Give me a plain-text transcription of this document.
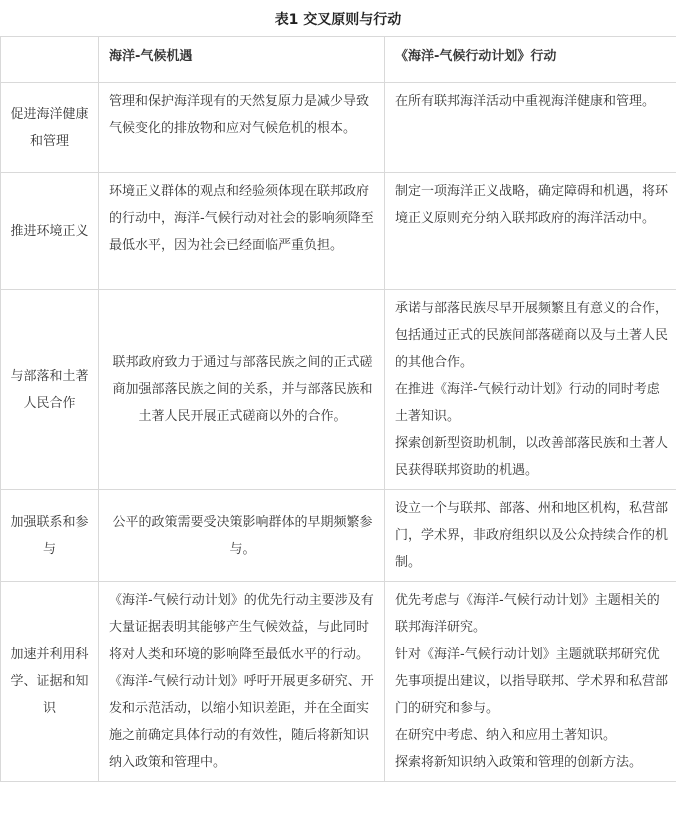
表1 交叉原则与行动
	海洋-气候机遇	《海洋-气候行动计划》行动
促进海洋健康和管理	管理和保护海洋现有的天然复原力是减少导致气候变化的排放物和应对气候危机的根本。	在所有联邦海洋活动中重视海洋健康和管理。

推进环境正义	环境正义群体的观点和经验须体现在联邦政府的行动中，海洋-气候行动对社会的影响须降至最低水平，因为社会已经面临严重负担。	制定一项海洋正义战略，确定障碍和机遇，将环境正义原则充分纳入联邦政府的海洋活动中。

与部落和土著人民合作	联邦政府致力于通过与部落民族之间的正式磋商加强部落民族之间的关系，并与部落民族和土著人民开展正式磋商以外的合作。	承诺与部落民族尽早开展频繁且有意义的合作，包括通过正式的民族间部落磋商以及与土著人民的其他合作。
在推进《海洋-气候行动计划》行动的同时考虑土著知识。
探索创新型资助机制，以改善部落民族和土著人民获得联邦资助的机遇。

加强联系和参与	公平的政策需要受决策影响群体的早期频繁参与。	设立一个与联邦、部落、州和地区机构，私营部门，学术界，非政府组织以及公众持续合作的机制。

加速并利用科学、证据和知识	《海洋-气候行动计划》的优先行动主要涉及有大量证据表明其能够产生气候效益，与此同时将对人类和环境的影响降至最低水平的行动。
《海洋-气候行动计划》呼吁开展更多研究、开发和示范活动，以缩小知识差距，并在全面实施之前确定具体行动的有效性，随后将新知识纳入政策和管理中。	优先考虑与《海洋-气候行动计划》主题相关的联邦海洋研究。
针对《海洋-气候行动计划》主题就联邦研究优先事项提出建议，以指导联邦、学术界和私营部门的研究和参与。
在研究中考虑、纳入和应用土著知识。
探索将新知识纳入政策和管理的创新方法。
